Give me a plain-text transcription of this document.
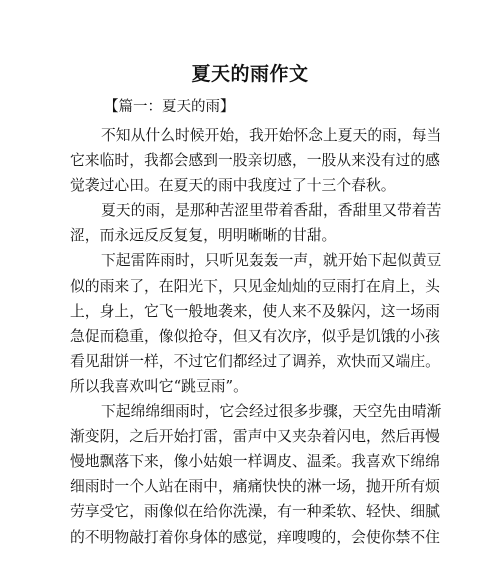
夏天的雨作文
【篇一：夏天的雨】
不知从什么时候开始，我开始怀念上夏天的雨，每当
它来临时，我都会感到一股亲切感，一股从来没有过的感
觉袭过心田。在夏天的雨中我度过了十三个春秋。
夏天的雨，是那种苦涩里带着香甜，香甜里又带着苦
涩，而永远反反复复，明明晰晰的甘甜。
下起雷阵雨时，只听见轰轰一声，就开始下起似黄豆
似的雨来了，在阳光下，只见金灿灿的豆雨打在肩上，头
上，身上，它飞一般地袭来，使人来不及躲闪，这一场雨
急促而稳重，像似抢夺，但又有次序，似乎是饥饿的小孩
看见甜饼一样，不过它们都经过了调养，欢快而又端庄。
所以我喜欢叫它“跳豆雨”。
下起绵绵细雨时，它会经过很多步骤，天空先由晴渐
渐变阴，之后开始打雷，雷声中又夹杂着闪电，然后再慢
慢地飘落下来，像小姑娘一样调皮、温柔。我喜欢下绵绵
细雨时一个人站在雨中，痛痛快快的淋一场，抛开所有烦
劳享受它，雨像似在给你洗澡，有一种柔软、轻快、细腻
的不明物敲打着你身体的感觉，痒嗖嗖的，会使你禁不住
